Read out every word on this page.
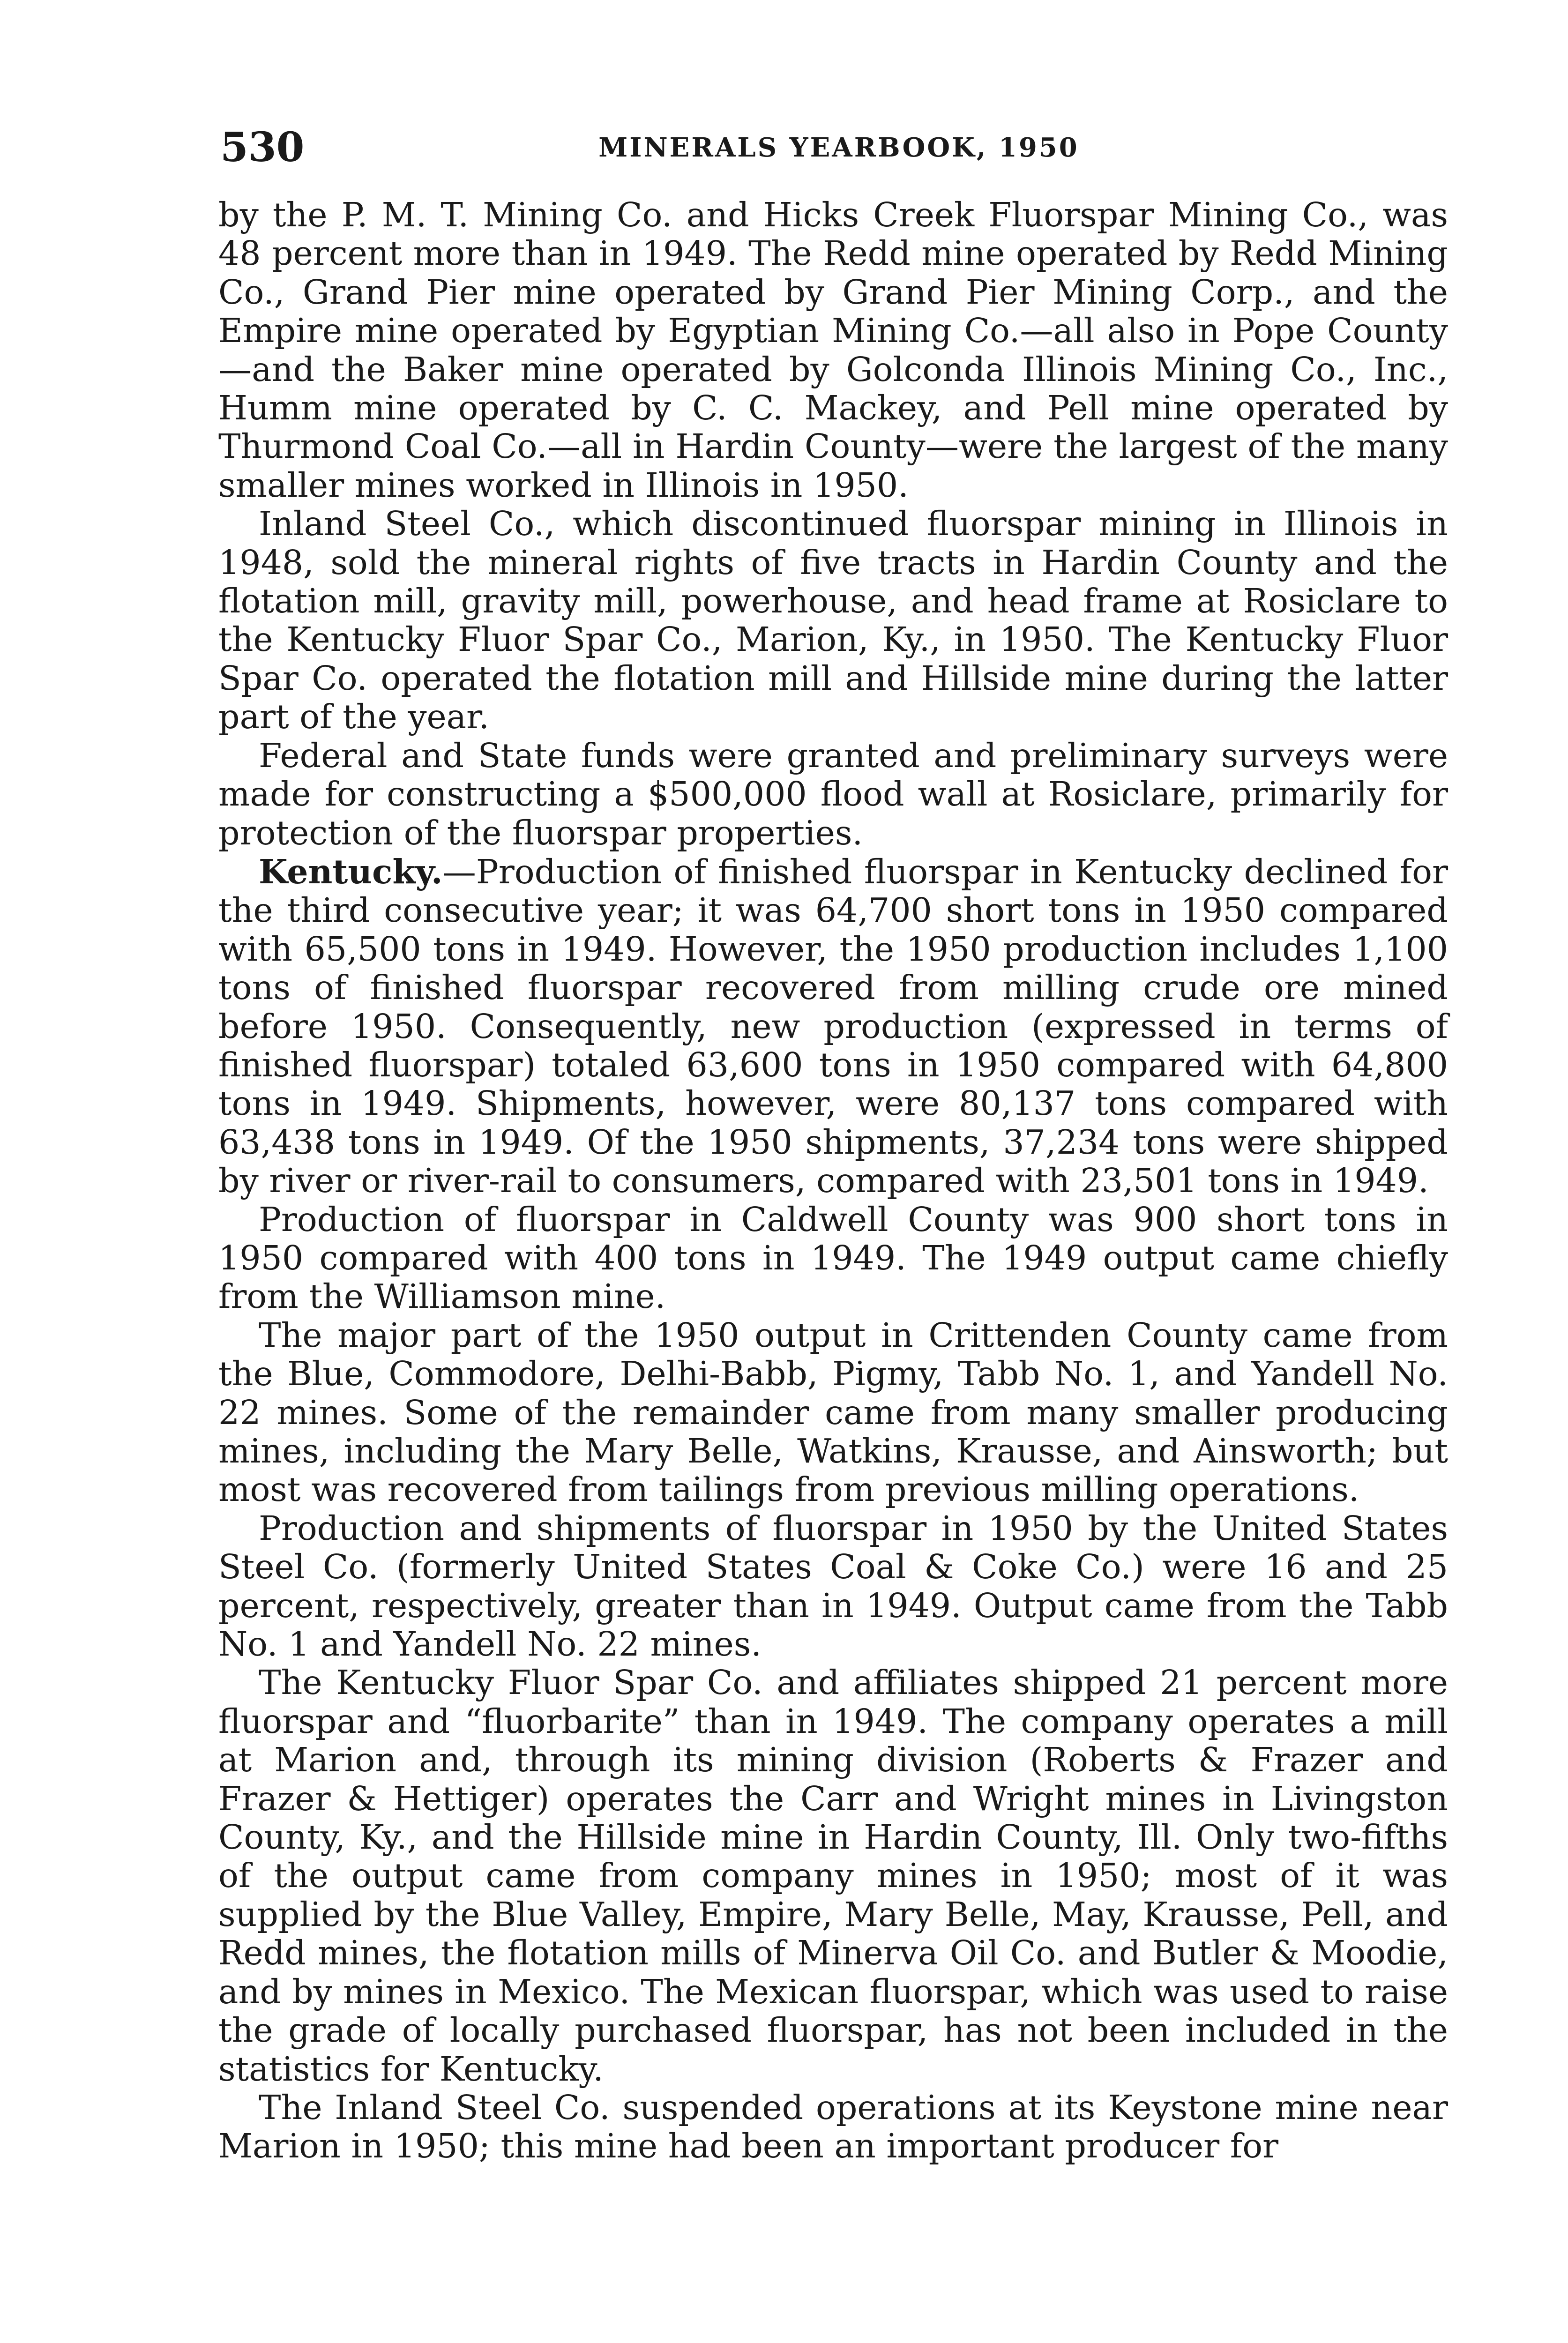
530	MINERALS YEARBOOK, 1950

by the P. M. T. Mining Co. and Hicks Creek Fluorspar Mining Co., was 48 percent more than in 1949. The Redd mine operated by Redd Mining Co., Grand Pier mine operated by Grand Pier Mining Corp., and the Empire mine operated by Egyptian Mining Co.—all also in Pope County—and the Baker mine operated by Golconda Illinois Mining Co., Inc., Humm mine operated by C. C. Mackey, and Pell mine operated by Thurmond Coal Co.—all in Hardin County—were the largest of the many smaller mines worked in Illinois in 1950.

Inland Steel Co., which discontinued fluorspar mining in Illinois in 1948, sold the mineral rights of five tracts in Hardin County and the flotation mill, gravity mill, powerhouse, and head frame at Rosiclare to the Kentucky Fluor Spar Co., Marion, Ky., in 1950. The Kentucky Fluor Spar Co. operated the flotation mill and Hillside mine during the latter part of the year.

Federal and State funds were granted and preliminary surveys were made for constructing a $500,000 flood wall at Rosiclare, primarily for protection of the fluorspar properties.

Kentucky.—Production of finished fluorspar in Kentucky declined for the third consecutive year; it was 64,700 short tons in 1950 compared with 65,500 tons in 1949. However, the 1950 production includes 1,100 tons of finished fluorspar recovered from milling crude ore mined before 1950. Consequently, new production (expressed in terms of finished fluorspar) totaled 63,600 tons in 1950 compared with 64,800 tons in 1949. Shipments, however, were 80,137 tons compared with 63,438 tons in 1949. Of the 1950 shipments, 37,234 tons were shipped by river or river-rail to consumers, compared with 23,501 tons in 1949.

Production of fluorspar in Caldwell County was 900 short tons in 1950 compared with 400 tons in 1949. The 1949 output came chiefly from the Williamson mine.

The major part of the 1950 output in Crittenden County came from the Blue, Commodore, Delhi-Babb, Pigmy, Tabb No. 1, and Yandell No. 22 mines. Some of the remainder came from many smaller producing mines, including the Mary Belle, Watkins, Krausse, and Ainsworth; but most was recovered from tailings from previous milling operations.

Production and shipments of fluorspar in 1950 by the United States Steel Co. (formerly United States Coal & Coke Co.) were 16 and 25 percent, respectively, greater than in 1949. Output came from the Tabb No. 1 and Yandell No. 22 mines.

The Kentucky Fluor Spar Co. and affiliates shipped 21 percent more fluorspar and “fluorbarite” than in 1949. The company operates a mill at Marion and, through its mining division (Roberts & Frazer and Frazer & Hettiger) operates the Carr and Wright mines in Livingston County, Ky., and the Hillside mine in Hardin County, Ill. Only two-fifths of the output came from company mines in 1950; most of it was supplied by the Blue Valley, Empire, Mary Belle, May, Krausse, Pell, and Redd mines, the flotation mills of Minerva Oil Co. and Butler & Moodie, and by mines in Mexico. The Mexican fluorspar, which was used to raise the grade of locally purchased fluorspar, has not been included in the statistics for Kentucky.

The Inland Steel Co. suspended operations at its Keystone mine near Marion in 1950; this mine had been an important producer for
